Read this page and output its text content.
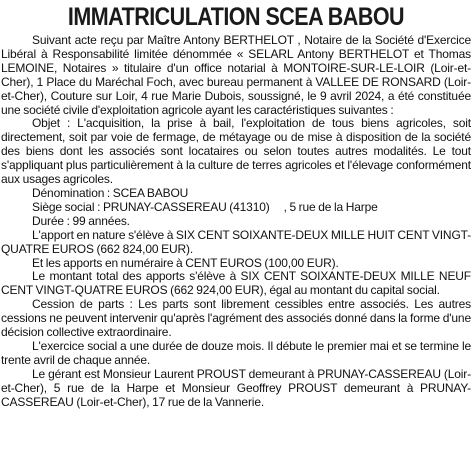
IMMATRICULATION SCEA BABOU

Suivant acte reçu par Maître Antony BERTHELOT , Notaire de la Société d'Exercice Libéral à Responsabilité limitée dénommée « SELARL Antony BERTHELOT et Thomas LEMOINE, Notaires » titulaire d'un office notarial à MONTOIRE-SUR-LE-LOIR (Loir-et-Cher), 1 Place du Maréchal Foch, avec bureau permanent à VALLEE DE RONSARD (Loir-et-Cher), Couture sur Loir, 4 rue Marie Dubois, soussigné, le 9 avril 2024, a été constituée une société civile d'exploitation agricole ayant les caractéristiques suivantes :

Objet : L'acquisition, la prise à bail, l'exploitation de tous biens agricoles, soit directement, soit par voie de fermage, de métayage ou de mise à disposition de la société des biens dont les associés sont locataires ou selon toutes autres modalités. Le tout s'appliquant plus particulièrement à la culture de terres agricoles et l'élevage conformément aux usages agricoles.

Dénomination : SCEA BABOU

Siège social : PRUNAY-CASSEREAU (41310) , 5 rue de la Harpe

Durée : 99 années.

L'apport en nature s'élève à SIX CENT SOIXANTE-DEUX MILLE HUIT CENT VINGT-QUATRE EUROS (662 824,00 EUR).

Et les apports en numéraire à CENT EUROS (100,00 EUR).

Le montant total des apports s'élève à SIX CENT SOIXANTE-DEUX MILLE NEUF CENT VINGT-QUATRE EUROS (662 924,00 EUR), égal au montant du capital social.

Cession de parts : Les parts sont librement cessibles entre associés. Les autres cessions ne peuvent intervenir qu'après l'agrément des associés donné dans la forme d'une décision collective extraordinaire.

L'exercice social a une durée de douze mois. Il débute le premier mai et se termine le trente avril de chaque année.

Le gérant est Monsieur Laurent PROUST demeurant à PRUNAY-CASSEREAU (Loir-et-Cher), 5 rue de la Harpe et Monsieur Geoffrey PROUST demeurant à PRUNAY-CASSEREAU (Loir-et-Cher), 17 rue de la Vannerie.
